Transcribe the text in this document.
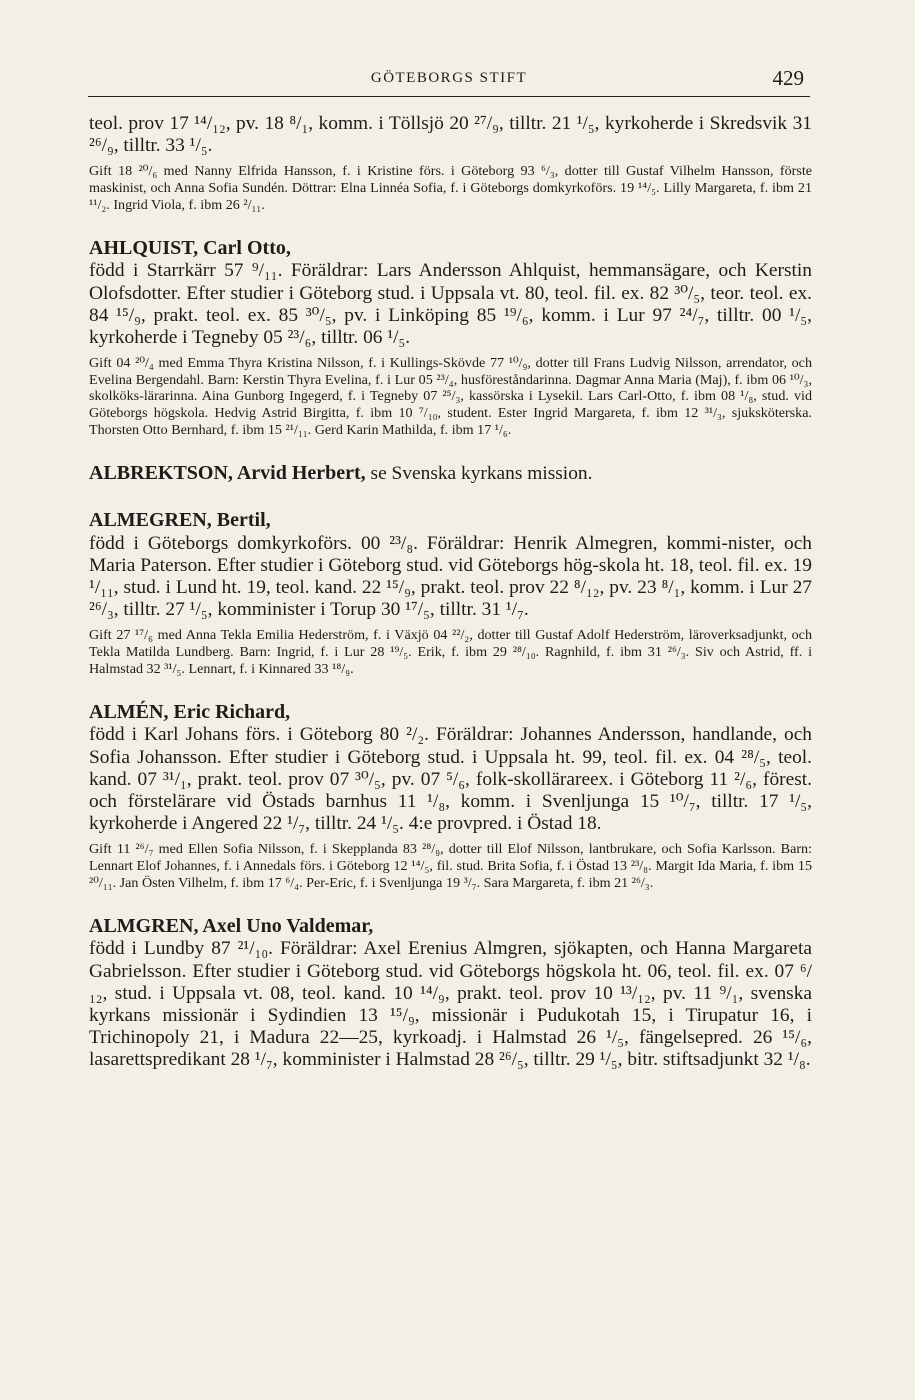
GÖTEBORGS STIFT	429

teol. prov 17 ¹⁴/₁₂, pv. 18 ⁸/₁, komm. i Töllsjö 20 ²⁷/₉, tilltr. 21 ¹/₅, kyrkoherde i Skredsvik 31 ²⁶/₉, tilltr. 33 ¹/₅.

Gift 18 ²⁰/₆ med Nanny Elfrida Hansson, f. i Kristine förs. i Göteborg 93 ⁶/₃, dotter till Gustaf Vilhelm Hansson, förste maskinist, och Anna Sofia Sundén. Döttrar: Elna Linnéa Sofia, f. i Göteborgs domkyrkoförs. 19 ¹⁴/₅. Lilly Margareta, f. ibm 21 ¹¹/₂. Ingrid Viola, f. ibm 26 ²/₁₁.

AHLQUIST, Carl Otto,
född i Starrkärr 57 ⁹/₁₁. Föräldrar: Lars Andersson Ahlquist, hemmansägare, och Kerstin Olofsdotter. Efter studier i Göteborg stud. i Uppsala vt. 80, teol. fil. ex. 82 ³⁰/₅, teor. teol. ex. 84 ¹⁵/₉, prakt. teol. ex. 85 ³⁰/₅, pv. i Linköping 85 ¹⁹/₆, komm. i Lur 97 ²⁴/₇, tilltr. 00 ¹/₅, kyrkoherde i Tegneby 05 ²³/₆, tilltr. 06 ¹/₅.

Gift 04 ²⁰/₄ med Emma Thyra Kristina Nilsson, f. i Kullings-Skövde 77 ¹⁰/₉, dotter till Frans Ludvig Nilsson, arrendator, och Evelina Bergendahl. Barn: Kerstin Thyra Evelina, f. i Lur 05 ²³/₄, husföreståndarinna. Dagmar Anna Maria (Maj), f. ibm 06 ¹⁰/₃, skolköks-lärarinna. Aina Gunborg Ingegerd, f. i Tegneby 07 ²⁵/₃, kassörska i Lysekil. Lars Carl-Otto, f. ibm 08 ¹/₈, stud. vid Göteborgs högskola. Hedvig Astrid Birgitta, f. ibm 10 ⁷/₁₀, student. Ester Ingrid Margareta, f. ibm 12 ³¹/₃, sjuksköterska. Thorsten Otto Bernhard, f. ibm 15 ²¹/₁₁. Gerd Karin Mathilda, f. ibm 17 ¹/₆.

ALBREKTSON, Arvid Herbert, se Svenska kyrkans mission.

ALMEGREN, Bertil,
född i Göteborgs domkyrkoförs. 00 ²³/₈. Föräldrar: Henrik Almegren, kommi-nister, och Maria Paterson. Efter studier i Göteborg stud. vid Göteborgs hög-skola ht. 18, teol. fil. ex. 19 ¹/₁₁, stud. i Lund ht. 19, teol. kand. 22 ¹⁵/₉, prakt. teol. prov 22 ⁸/₁₂, pv. 23 ⁸/₁, komm. i Lur 27 ²⁶/₃, tilltr. 27 ¹/₅, komminister i Torup 30 ¹⁷/₅, tilltr. 31 ¹/₇.

Gift 27 ¹⁷/₆ med Anna Tekla Emilia Hederström, f. i Växjö 04 ²²/₂, dotter till Gustaf Adolf Hederström, läroverksadjunkt, och Tekla Matilda Lundberg. Barn: Ingrid, f. i Lur 28 ¹⁹/₅. Erik, f. ibm 29 ²⁸/₁₀. Ragnhild, f. ibm 31 ²⁶/₃. Siv och Astrid, ff. i Halmstad 32 ³¹/₅. Lennart, f. i Kinnared 33 ¹⁸/₉.

ALMÉN, Eric Richard,
född i Karl Johans förs. i Göteborg 80 ²/₂. Föräldrar: Johannes Andersson, handlande, och Sofia Johansson. Efter studier i Göteborg stud. i Uppsala ht. 99, teol. fil. ex. 04 ²⁸/₅, teol. kand. 07 ³¹/₁, prakt. teol. prov 07 ³⁰/₅, pv. 07 ⁵/₆, folk-skollärareex. i Göteborg 11 ²/₆, förest. och förstelärare vid Östads barnhus 11 ¹/₈, komm. i Svenljunga 15 ¹⁰/₇, tilltr. 17 ¹/₅, kyrkoherde i Angered 22 ¹/₇, tilltr. 24 ¹/₅. 4:e provpred. i Östad 18.

Gift 11 ²⁶/₇ med Ellen Sofia Nilsson, f. i Skepplanda 83 ²⁸/₉, dotter till Elof Nilsson, lantbrukare, och Sofia Karlsson. Barn: Lennart Elof Johannes, f. i Annedals förs. i Göteborg 12 ¹⁴/₅, fil. stud. Brita Sofia, f. i Östad 13 ²³/₈. Margit Ida Maria, f. ibm 15 ²⁰/₁₁. Jan Östen Vilhelm, f. ibm 17 ⁶/₄. Per-Eric, f. i Svenljunga 19 ³/₇. Sara Margareta, f. ibm 21 ²⁶/₃.

ALMGREN, Axel Uno Valdemar,
född i Lundby 87 ²¹/₁₀. Föräldrar: Axel Erenius Almgren, sjökapten, och Hanna Margareta Gabrielsson. Efter studier i Göteborg stud. vid Göteborgs högskola ht. 06, teol. fil. ex. 07 ⁶/₁₂, stud. i Uppsala vt. 08, teol. kand. 10 ¹⁴/₉, prakt. teol. prov 10 ¹³/₁₂, pv. 11 ⁹/₁, svenska kyrkans missionär i Sydindien 13 ¹⁵/₉, missionär i Pudukotah 15, i Tirupatur 16, i Trichinopoly 21, i Madura 22—25, kyrkoadj. i Halmstad 26 ¹/₅, fängelsepred. 26 ¹⁵/₆, lasarettspredikant 28 ¹/₇, komminister i Halmstad 28 ²⁶/₅, tilltr. 29 ¹/₅, bitr. stiftsadjunkt 32 ¹/₈.
